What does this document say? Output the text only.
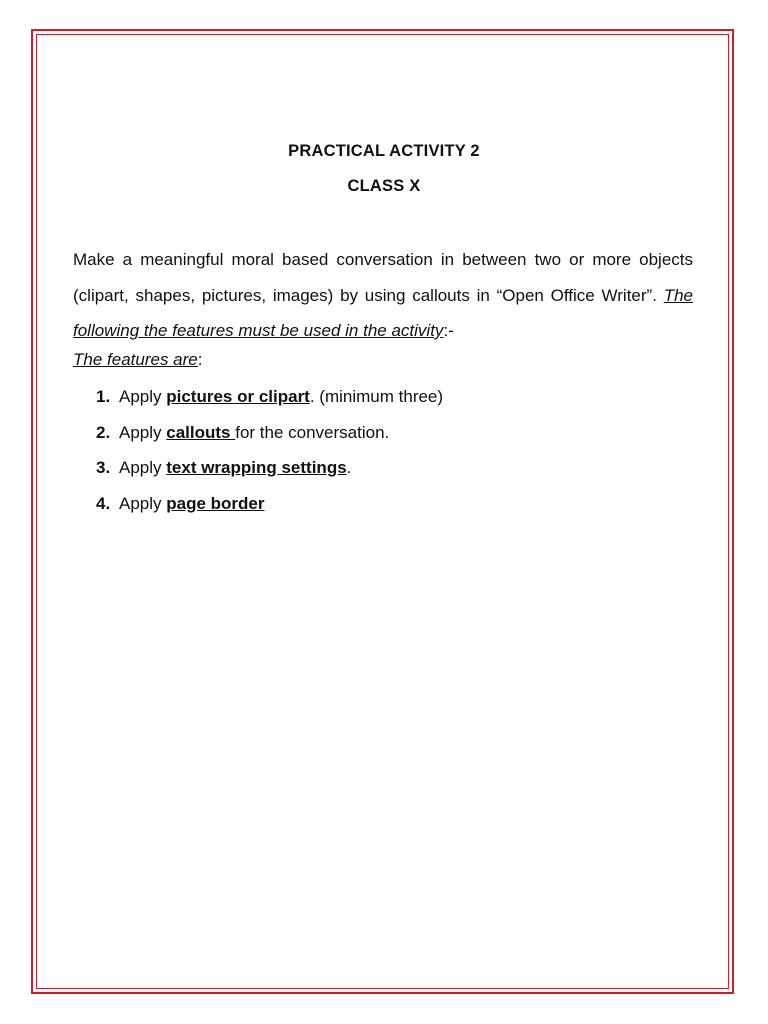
PRACTICAL ACTIVITY 2
CLASS X
Make a meaningful moral based conversation in between two or more objects (clipart, shapes, pictures, images) by using callouts in “Open Office Writer”. The following the features must be used in the activity:-
The features are:
1. Apply pictures or clipart. (minimum three)
2. Apply callouts for the conversation.
3. Apply text wrapping settings.
4. Apply page border
